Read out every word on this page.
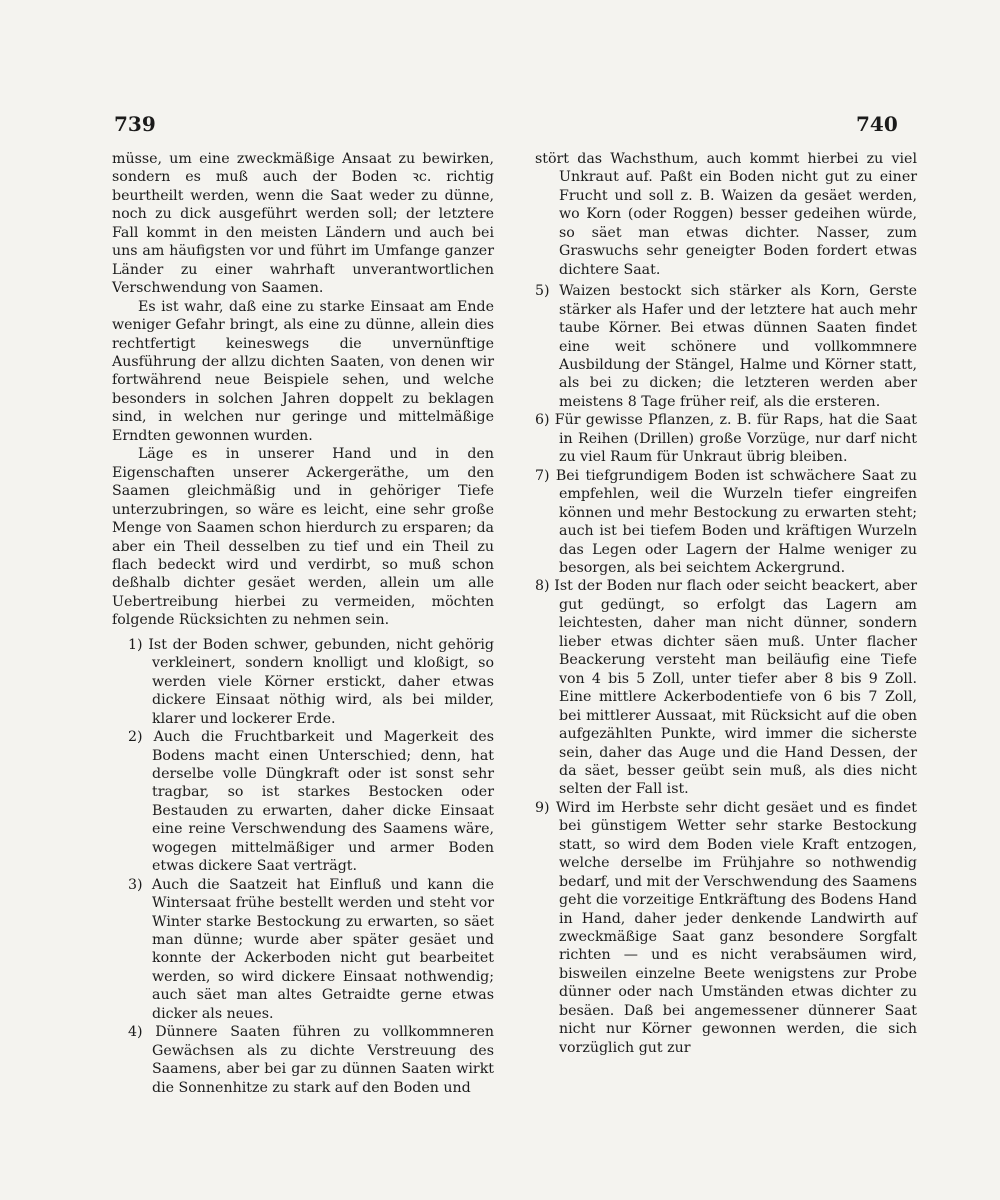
739	740

müsse, um eine zweckmäßige Ansaat zu bewirken, sondern es muß auch der Boden ꝛc. richtig beurtheilt werden, wenn die Saat weder zu dünne, noch zu dick ausgeführt werden soll; der letztere Fall kommt in den meisten Ländern und auch bei uns am häufigsten vor und führt im Umfange ganzer Länder zu einer wahrhaft unverantwortlichen Verschwendung von Saamen.

Es ist wahr, daß eine zu starke Einsaat am Ende weniger Gefahr bringt, als eine zu dünne, allein dies rechtfertigt keineswegs die unvernünftige Ausführung der allzu dichten Saaten, von denen wir fortwährend neue Beispiele sehen, und welche besonders in solchen Jahren doppelt zu beklagen sind, in welchen nur geringe und mittelmäßige Erndten gewonnen wurden.

Läge es in unserer Hand und in den Eigenschaften unserer Ackergeräthe, um den Saamen gleichmäßig und in gehöriger Tiefe unterzubringen, so wäre es leicht, eine sehr große Menge von Saamen schon hierdurch zu ersparen; da aber ein Theil desselben zu tief und ein Theil zu flach bedeckt wird und verdirbt, so muß schon deßhalb dichter gesäet werden, allein um alle Uebertreibung hierbei zu vermeiden, möchten folgende Rücksichten zu nehmen sein.

1) Ist der Boden schwer, gebunden, nicht gehörig verkleinert, sondern knolligt und kloßigt, so werden viele Körner erstickt, daher etwas dickere Einsaat nöthig wird, als bei milder, klarer und lockerer Erde.

2) Auch die Fruchtbarkeit und Magerkeit des Bodens macht einen Unterschied; denn, hat derselbe volle Düngkraft oder ist sonst sehr tragbar, so ist starkes Bestocken oder Bestauden zu erwarten, daher dicke Einsaat eine reine Verschwendung des Saamens wäre, wogegen mittelmäßiger und armer Boden etwas dickere Saat verträgt.

3) Auch die Saatzeit hat Einfluß und kann die Wintersaat frühe bestellt werden und steht vor Winter starke Bestockung zu erwarten, so säet man dünne; wurde aber später gesäet und konnte der Ackerboden nicht gut bearbeitet werden, so wird dickere Einsaat nothwendig; auch säet man altes Getraidte gerne etwas dicker als neues.

4) Dünnere Saaten führen zu vollkommneren Gewächsen als zu dichte Verstreuung des Saamens, aber bei gar zu dünnen Saaten wirkt die Sonnenhitze zu stark auf den Boden und

stört das Wachsthum, auch kommt hierbei zu viel Unkraut auf. Paßt ein Boden nicht gut zu einer Frucht und soll z. B. Waizen da gesäet werden, wo Korn (oder Roggen) besser gedeihen würde, so säet man etwas dichter. Nasser, zum Graswuchs sehr geneigter Boden fordert etwas dichtere Saat.

5) Waizen bestockt sich stärker als Korn, Gerste stärker als Hafer und der letztere hat auch mehr taube Körner. Bei etwas dünnen Saaten findet eine weit schönere und vollkommnere Ausbildung der Stängel, Halme und Körner statt, als bei zu dicken; die letzteren werden aber meistens 8 Tage früher reif, als die ersteren.

6) Für gewisse Pflanzen, z. B. für Raps, hat die Saat in Reihen (Drillen) große Vorzüge, nur darf nicht zu viel Raum für Unkraut übrig bleiben.

7) Bei tiefgrundigem Boden ist schwächere Saat zu empfehlen, weil die Wurzeln tiefer eingreifen können und mehr Bestockung zu erwarten steht; auch ist bei tiefem Boden und kräftigen Wurzeln das Legen oder Lagern der Halme weniger zu besorgen, als bei seichtem Ackergrund.

8) Ist der Boden nur flach oder seicht beackert, aber gut gedüngt, so erfolgt das Lagern am leichtesten, daher man nicht dünner, sondern lieber etwas dichter säen muß. Unter flacher Beackerung versteht man beiläufig eine Tiefe von 4 bis 5 Zoll, unter tiefer aber 8 bis 9 Zoll. Eine mittlere Ackerbodentiefe von 6 bis 7 Zoll, bei mittlerer Aussaat, mit Rücksicht auf die oben aufgezählten Punkte, wird immer die sicherste sein, daher das Auge und die Hand Dessen, der da säet, besser geübt sein muß, als dies nicht selten der Fall ist.

9) Wird im Herbste sehr dicht gesäet und es findet bei günstigem Wetter sehr starke Bestockung statt, so wird dem Boden viele Kraft entzogen, welche derselbe im Frühjahre so nothwendig bedarf, und mit der Verschwendung des Saamens geht die vorzeitige Entkräftung des Bodens Hand in Hand, daher jeder denkende Landwirth auf zweckmäßige Saat ganz besondere Sorgfalt richten — und es nicht verabsäumen wird, bisweilen einzelne Beete wenigstens zur Probe dünner oder nach Umständen etwas dichter zu besäen. Daß bei angemessener dünnerer Saat nicht nur Körner gewonnen werden, die sich vorzüglich gut zur
